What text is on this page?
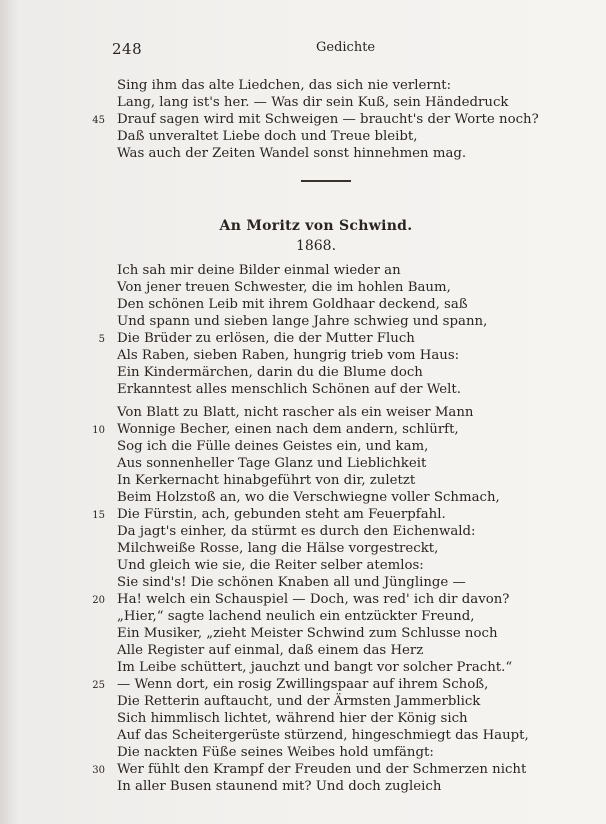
248	Gedichte
Sing ihm das alte Liedchen, das sich nie verlernt:
Lang, lang ist's her. — Was dir sein Kuß, sein Händedruck
45 Drauf sagen wird mit Schweigen — braucht's der Worte noch?
Daß unveraltet Liebe doch und Treue bleibt,
Was auch der Zeiten Wandel sonst hinnehmen mag.
An Moritz von Schwind.
1868.
Ich sah mir deine Bilder einmal wieder an
Von jener treuen Schwester, die im hohlen Baum,
Den schönen Leib mit ihrem Goldhaar deckend, saß
Und spann und sieben lange Jahre schwieg und spann,
5 Die Brüder zu erlösen, die der Mutter Fluch
Als Raben, sieben Raben, hungrig trieb vom Haus:
Ein Kindermärchen, darin du die Blume doch
Erkanntest alles menschlich Schönen auf der Welt.
Von Blatt zu Blatt, nicht rascher als ein weiser Mann
10 Wonnige Becher, einen nach dem andern, schlürft,
Sog ich die Fülle deines Geistes ein, und kam,
Aus sonnenheller Tage Glanz und Lieblichkeit
In Kerkernacht hinabgeführt von dir, zuletzt
Beim Holzstoß an, wo die Verschwiegne voller Schmach,
15 Die Fürstin, ach, gebunden steht am Feuerpfahl.
Da jagt's einher, da stürmt es durch den Eichenwald:
Milchweiße Rosse, lang die Hälse vorgestreckt,
Und gleich wie sie, die Reiter selber atemlos:
Sie sind's! Die schönen Knaben all und Jünglinge —
20 Ha! welch ein Schauspiel — Doch, was red' ich dir davon?
„Hier,“ sagte lachend neulich ein entzückter Freund,
Ein Musiker, „zieht Meister Schwind zum Schlusse noch
Alle Register auf einmal, daß einem das Herz
Im Leibe schüttert, jauchzt und bangt vor solcher Pracht.“
25 — Wenn dort, ein rosig Zwillingspaar auf ihrem Schoß,
Die Retterin auftaucht, und der Ärmsten Jammerblick
Sich himmlisch lichtet, während hier der König sich
Auf das Scheitergerüste stürzend, hingeschmiegt das Haupt,
Die nackten Füße seines Weibes hold umfängt:
30 Wer fühlt den Krampf der Freuden und der Schmerzen nicht
In aller Busen staunend mit? Und doch zugleich
